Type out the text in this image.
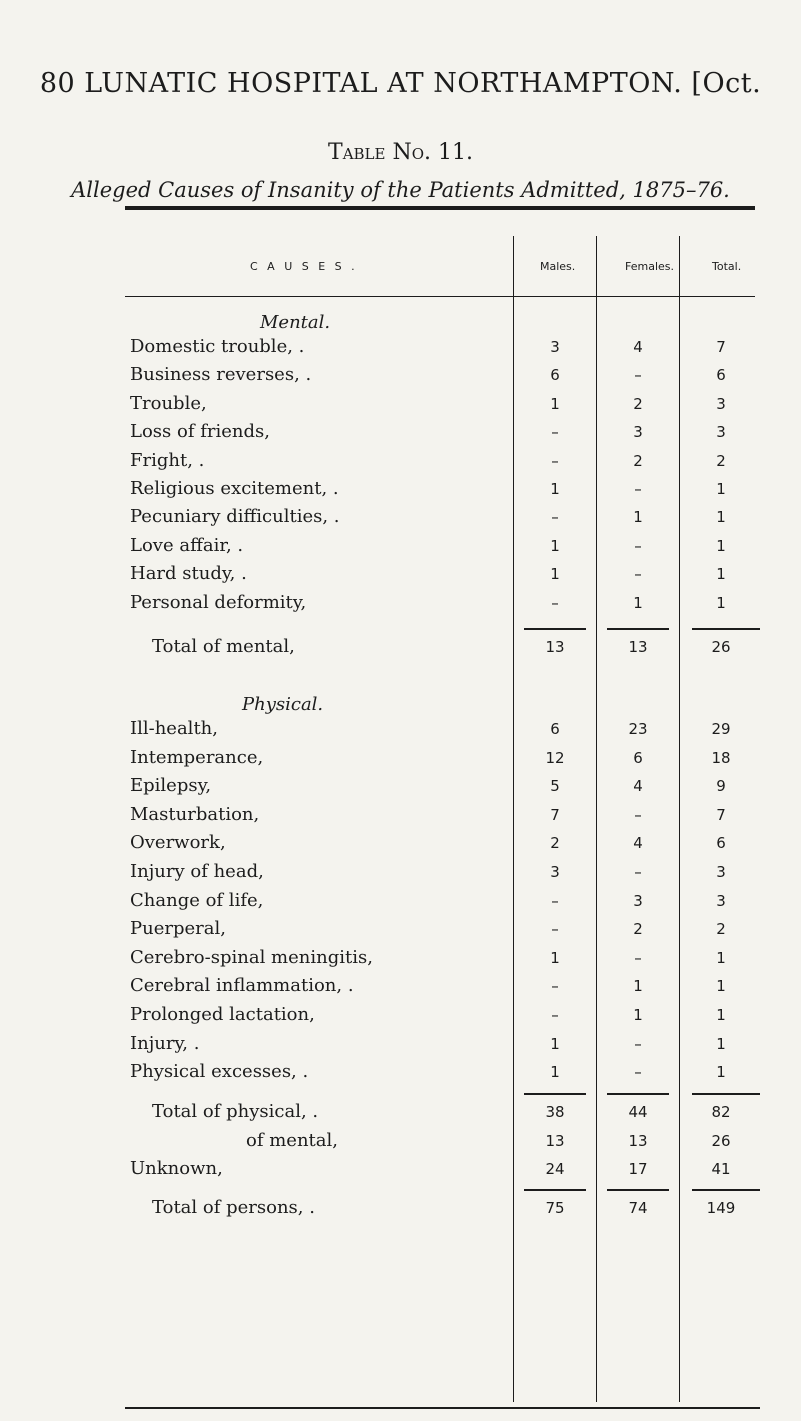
80 LUNATIC HOSPITAL AT NORTHAMPTON. [Oct.
Table No. 11.
Alleged Causes of Insanity of the Patients Admitted, 1875–76.
C A U S E S .	Males.	Females.	Total.
Mental.
Domestic trouble, .	3	4	7
Business reverses, .	6	–	6
Trouble,	1	2	3
Loss of friends,	–	3	3
Fright, .	–	2	2
Religious excitement, .	1	–	1
Pecuniary difficulties, .	–	1	1
Love affair, .	1	–	1
Hard study, .	1	–	1
Personal deformity,	–	1	1
Total of mental,	13	13	26
Physical.
Ill-health,	6	23	29
Intemperance,	12	6	18
Epilepsy,	5	4	9
Masturbation,	7	–	7
Overwork,	2	4	6
Injury of head,	3	–	3
Change of life,	–	3	3
Puerperal,	–	2	2
Cerebro-spinal meningitis,	1	–	1
Cerebral inflammation, .	–	1	1
Prolonged lactation,	–	1	1
Injury, .	1	–	1
Physical excesses, .	1	–	1
Total of physical, .	38	44	82
of mental,	13	13	26
Unknown,	24	17	41
Total of persons, .	75	74	149
